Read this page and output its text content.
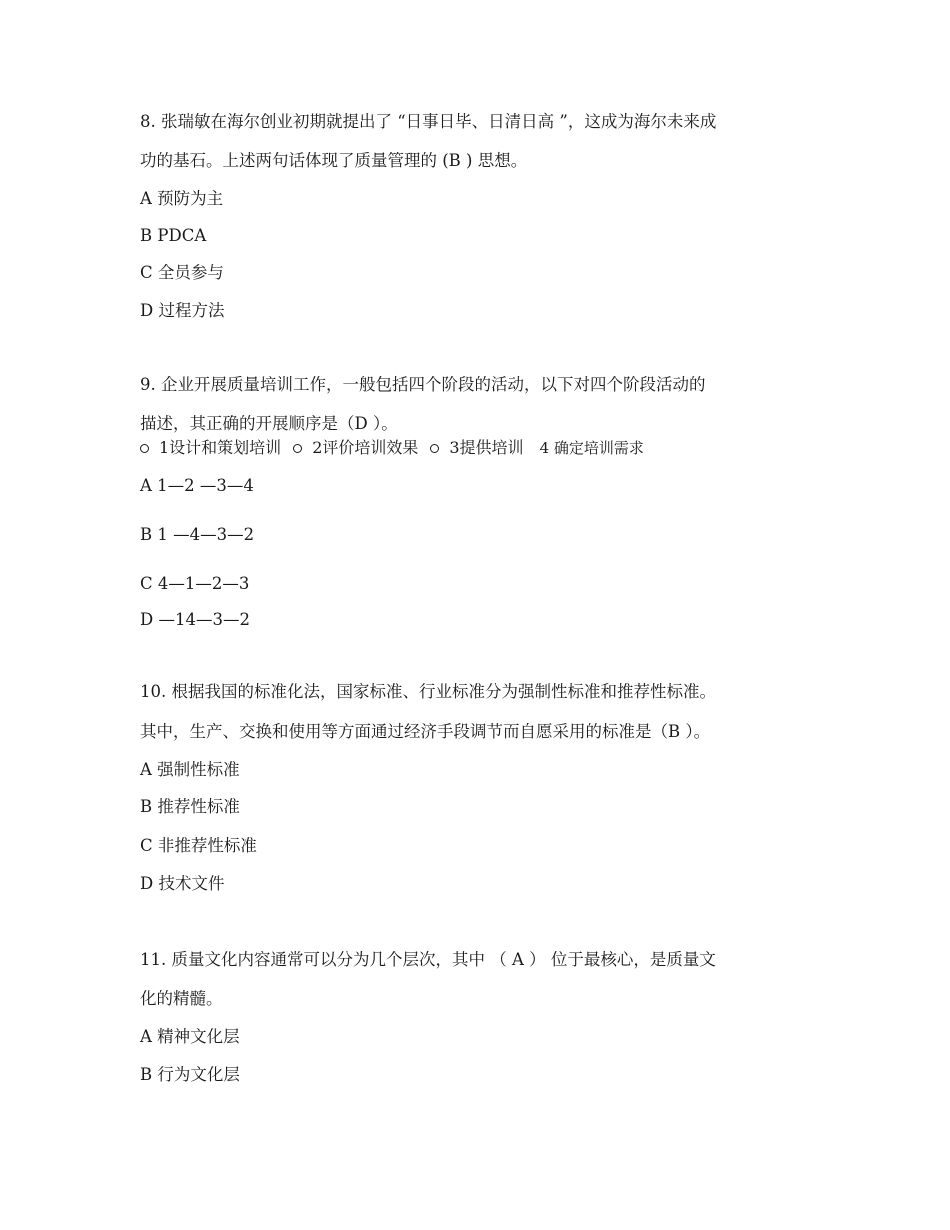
8. 张瑞敏在海尔创业初期就提出了 “日事日毕、日清日高 ”，这成为海尔未来成
功的基石。上述两句话体现了质量管理的 (B ) 思想。
A 预防为主
B PDCA
C 全员参与
D 过程方法
9. 企业开展质量培训工作，一般包括四个阶段的活动，以下对四个阶段活动的
描述，其正确的开展顺序是（D ）。
1设计和策划培训 2评价培训效果 3提供培训 4 确定培训需求
A 1—2 —3—4
B 1 —4—3—2
C 4—1—2—3
D —14—3—2
10. 根据我国的标准化法，国家标准、行业标准分为强制性标准和推荐性标准。
其中，生产、交换和使用等方面通过经济手段调节而自愿采用的标准是（B ）。
A 强制性标准
B 推荐性标准
C 非推荐性标准
D 技术文件
11. 质量文化内容通常可以分为几个层次，其中 （ A ） 位于最核心，是质量文
化的精髓。
A 精神文化层
B 行为文化层
